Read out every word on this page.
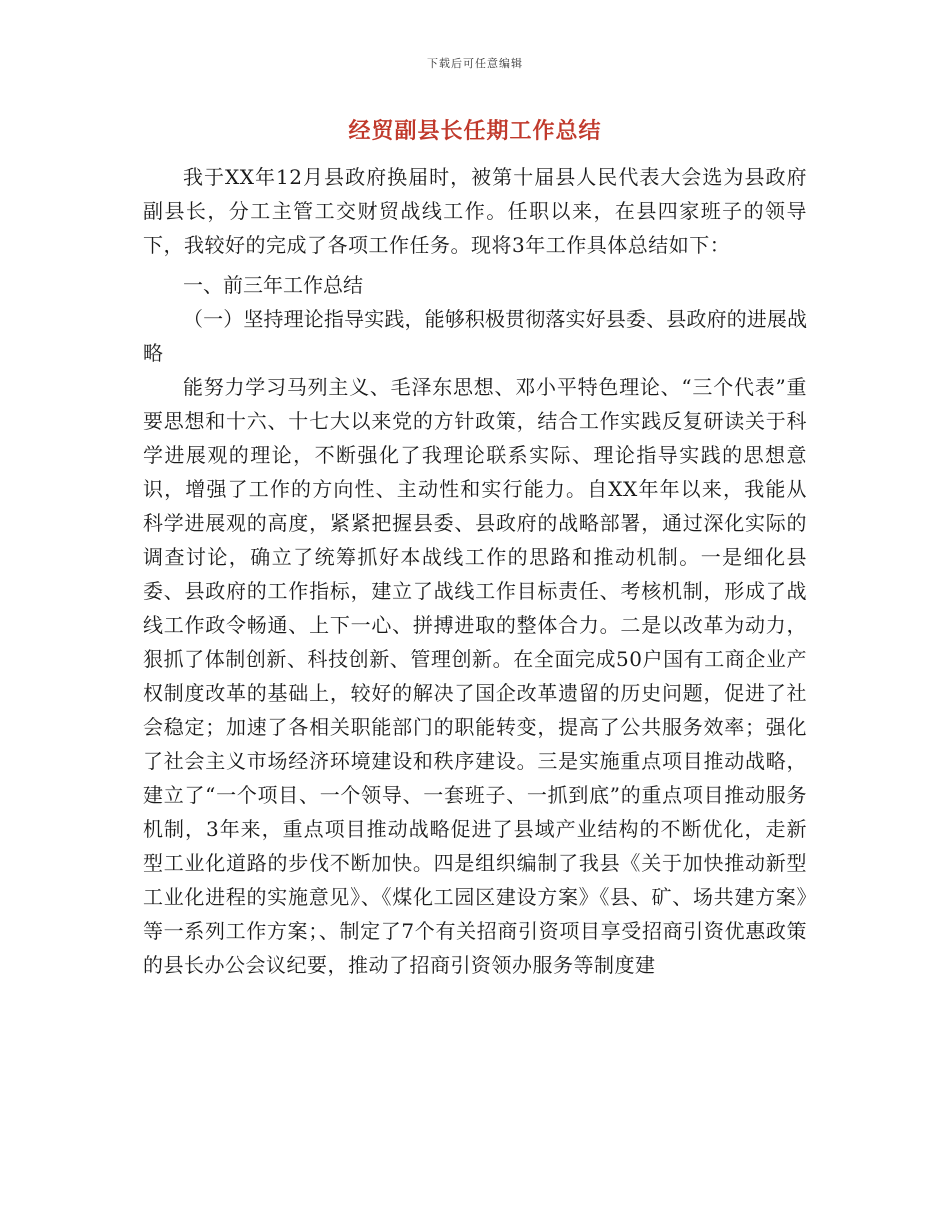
下载后可任意编辑
经贸副县长任期工作总结

我于XX年12月县政府换届时，被第十届县人民代表大会选为县政府副县长，分工主管工交财贸战线工作。任职以来，在县四家班子的领导下，我较好的完成了各项工作任务。现将3年工作具体总结如下：

一、前三年工作总结

（一）坚持理论指导实践，能够积极贯彻落实好县委、县政府的进展战略

能努力学习马列主义、毛泽东思想、邓小平特色理论、“三个代表”重要思想和十六、十七大以来党的方针政策，结合工作实践反复研读关于科学进展观的理论，不断强化了我理论联系实际、理论指导实践的思想意识，增强了工作的方向性、主动性和实行能力。自XX年年以来，我能从科学进展观的高度，紧紧把握县委、县政府的战略部署，通过深化实际的调查讨论，确立了统筹抓好本战线工作的思路和推动机制。一是细化县委、县政府的工作指标，建立了战线工作目标责任、考核机制，形成了战线工作政令畅通、上下一心、拼搏进取的整体合力。二是以改革为动力，狠抓了体制创新、科技创新、管理创新。在全面完成50户国有工商企业产权制度改革的基础上，较好的解决了国企改革遗留的历史问题，促进了社会稳定；加速了各相关职能部门的职能转变，提高了公共服务效率；强化了社会主义市场经济环境建设和秩序建设。三是实施重点项目推动战略，建立了“一个项目、一个领导、一套班子、一抓到底”的重点项目推动服务机制，3年来，重点项目推动战略促进了县域产业结构的不断优化，走新型工业化道路的步伐不断加快。四是组织编制了我县《关于加快推动新型工业化进程的实施意见》、《煤化工园区建设方案》《县、矿、场共建方案》等一系列工作方案；、制定了7个有关招商引资项目享受招商引资优惠政策的县长办公会议纪要，推动了招商引资领办服务等制度建
